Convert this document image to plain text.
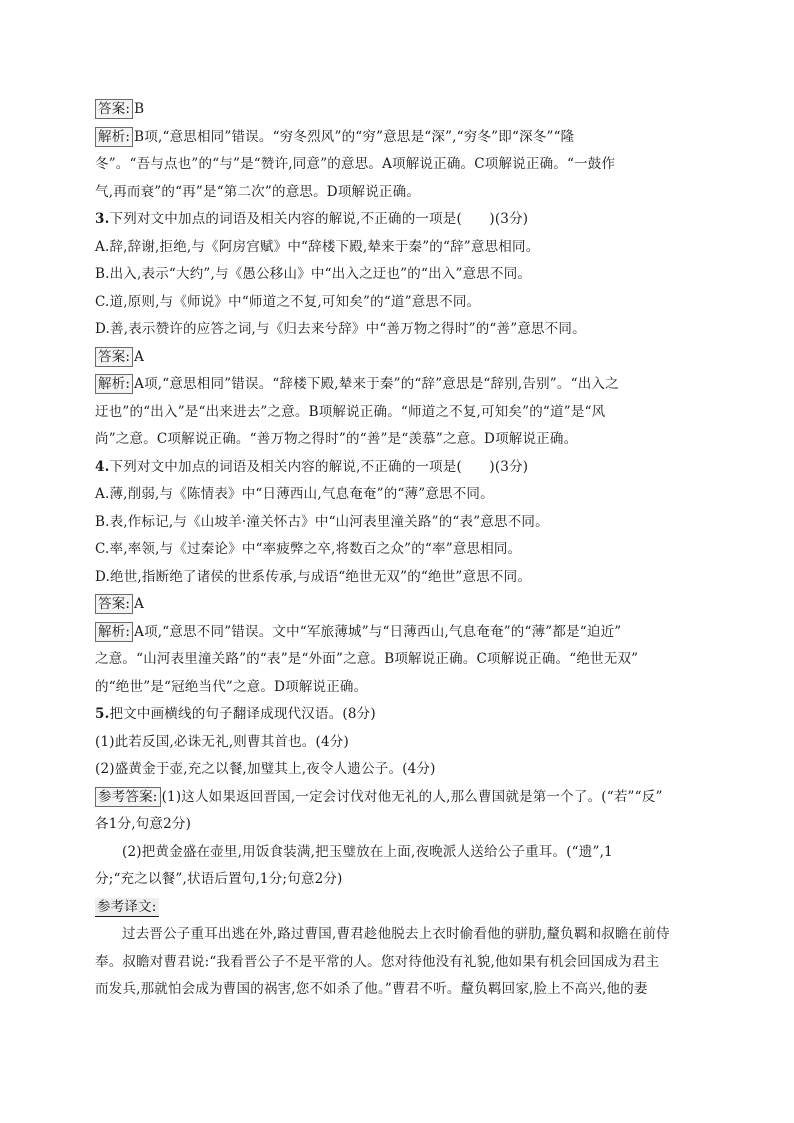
答案: B
解析: B项,“意思相同”错误。“穷冬烈风”的“穷”意思是“深”,“穷冬”即“深冬”“隆
冬”。“吾与点也”的“与”是“赞许,同意”的意思。A项解说正确。C项解说正确。“一鼓作
气,再而衰”的“再”是“第二次”的意思。D项解说正确。
3.下列对文中加点的词语及相关内容的解说,不正确的一项是(　　)(3分)
A.辞,辞谢,拒绝,与《阿房宫赋》中“辞楼下殿,辇来于秦”的“辞”意思相同。
B.出入,表示“大约”,与《愚公移山》中“出入之迂也”的“出入”意思不同。
C.道,原则,与《师说》中“师道之不复,可知矣”的“道”意思不同。
D.善,表示赞许的应答之词,与《归去来兮辞》中“善万物之得时”的“善”意思不同。
答案: A
解析: A项,“意思相同”错误。“辞楼下殿,辇来于秦”的“辞”意思是“辞别,告别”。“出入之
迂也”的“出入”是“出来进去”之意。B项解说正确。“师道之不复,可知矣”的“道”是“风
尚”之意。C项解说正确。“善万物之得时”的“善”是“羡慕”之意。D项解说正确。
4.下列对文中加点的词语及相关内容的解说,不正确的一项是(　　)(3分)
A.薄,削弱,与《陈情表》中“日薄西山,气息奄奄”的“薄”意思不同。
B.表,作标记,与《山坡羊·潼关怀古》中“山河表里潼关路”的“表”意思不同。
C.率,率领,与《过秦论》中“率疲弊之卒,将数百之众”的“率”意思相同。
D.绝世,指断绝了诸侯的世系传承,与成语“绝世无双”的“绝世”意思不同。
答案: A
解析: A项,“意思不同”错误。文中“军旅薄城”与“日薄西山,气息奄奄”的“薄”都是“迫近”
之意。“山河表里潼关路”的“表”是“外面”之意。B项解说正确。C项解说正确。“绝世无双”
的“绝世”是“冠绝当代”之意。D项解说正确。
5.把文中画横线的句子翻译成现代汉语。(8分)
(1)此若反国,必诛无礼,则曹其首也。(4分)
(2)盛黄金于壶,充之以餐,加璧其上,夜令人遗公子。(4分)
参考答案: (1)这人如果返回晋国,一定会讨伐对他无礼的人,那么曹国就是第一个了。(“若”“反”
各1分,句意2分)
(2)把黄金盛在壶里,用饭食装满,把玉璧放在上面,夜晚派人送给公子重耳。(“遗”,1
分;“充之以餐”,状语后置句,1分;句意2分)
参考译文:
过去晋公子重耳出逃在外,路过曹国,曹君趁他脱去上衣时偷看他的骈肋,釐负羁和叔瞻在前侍
奉。叔瞻对曹君说:“我看晋公子不是平常的人。您对待他没有礼貌,他如果有机会回国成为君主
而发兵,那就怕会成为曹国的祸害,您不如杀了他。”曹君不听。釐负羁回家,脸上不高兴,他的妻
